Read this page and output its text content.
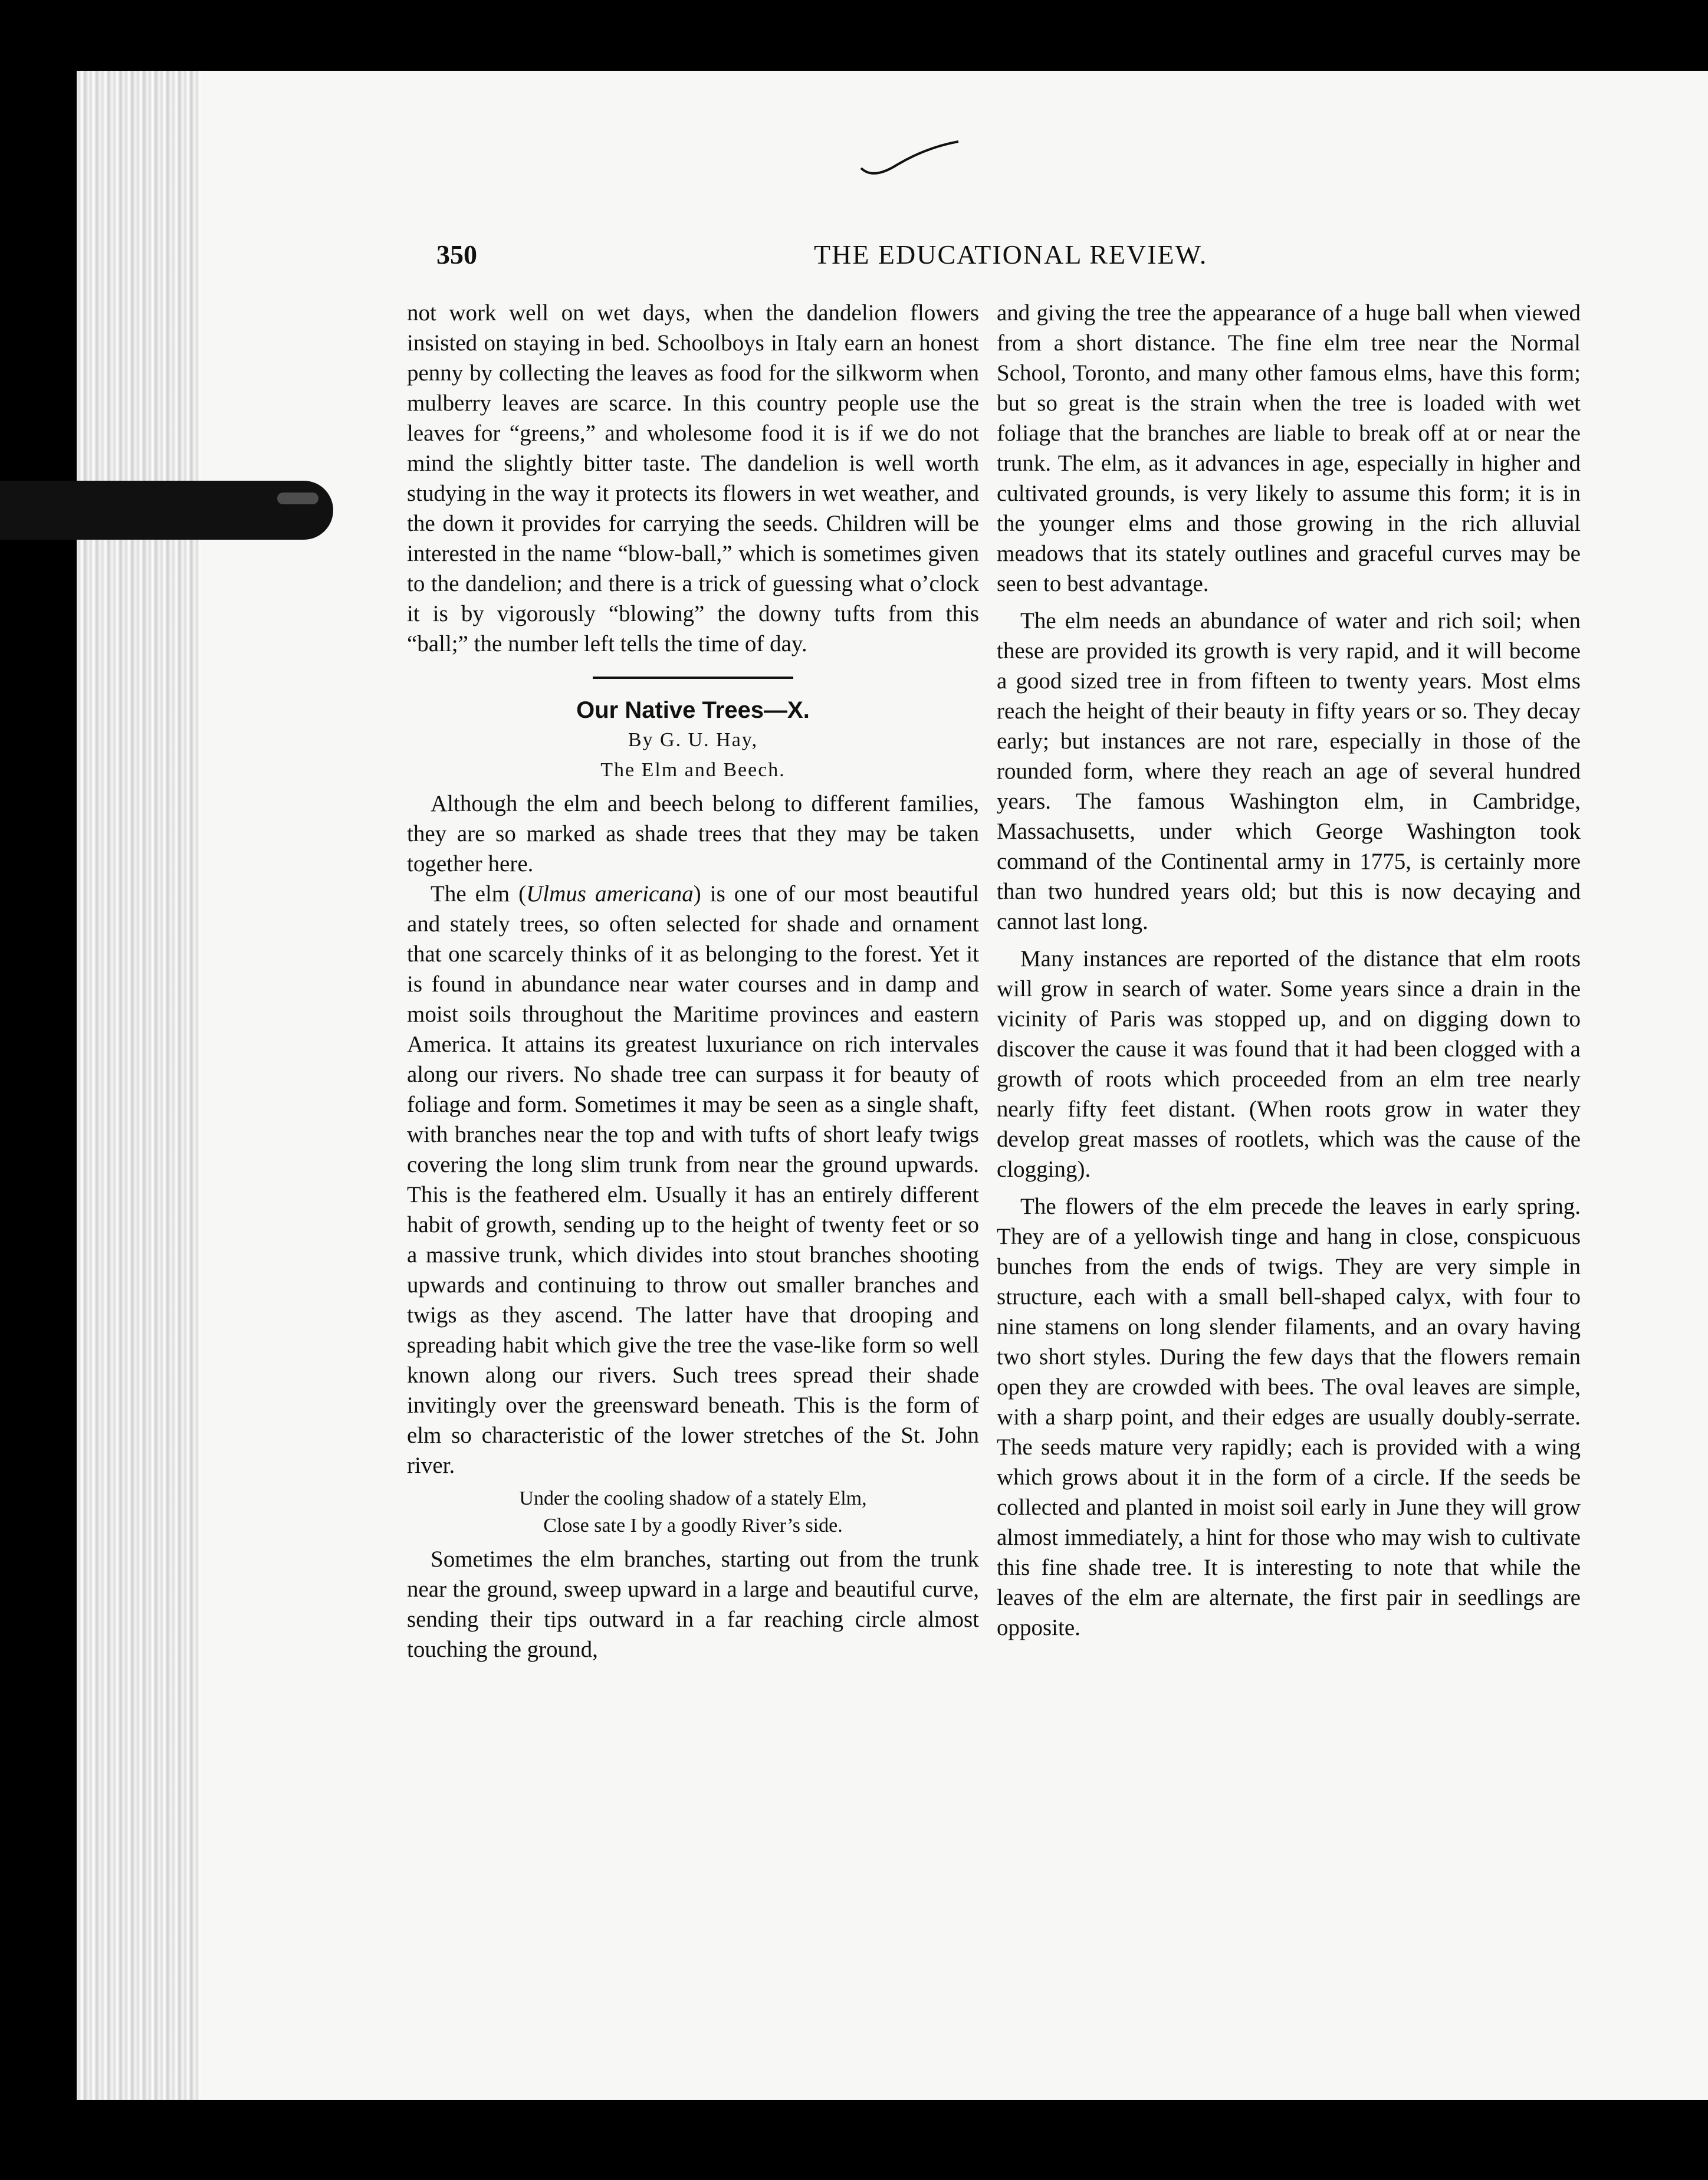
350	THE EDUCATIONAL REVIEW.

not work well on wet days, when the dandelion flowers insisted on staying in bed. Schoolboys in Italy earn an honest penny by collecting the leaves as food for the silkworm when mulberry leaves are scarce. In this country people use the leaves for “greens,” and wholesome food it is if we do not mind the slightly bitter taste. The dandelion is well worth studying in the way it protects its flowers in wet weather, and the down it provides for carrying the seeds. Children will be interested in the name “blow-ball,” which is sometimes given to the dandelion; and there is a trick of guessing what o’clock it is by vigorously “blowing” the downy tufts from this “ball;” the number left tells the time of day.

Our Native Trees—X.
By G. U. Hay,
The Elm and Beech.

Although the elm and beech belong to different families, they are so marked as shade trees that they may be taken together here.

The elm (Ulmus americana) is one of our most beautiful and stately trees, so often selected for shade and ornament that one scarcely thinks of it as belonging to the forest. Yet it is found in abundance near water courses and in damp and moist soils throughout the Maritime provinces and eastern America. It attains its greatest luxuriance on rich intervales along our rivers. No shade tree can surpass it for beauty of foliage and form. Sometimes it may be seen as a single shaft, with branches near the top and with tufts of short leafy twigs covering the long slim trunk from near the ground upwards. This is the feathered elm. Usually it has an entirely different habit of growth, sending up to the height of twenty feet or so a massive trunk, which divides into stout branches shooting upwards and continuing to throw out smaller branches and twigs as they ascend. The latter have that drooping and spreading habit which give the tree the vase-like form so well known along our rivers. Such trees spread their shade invitingly over the greensward beneath. This is the form of elm so characteristic of the lower stretches of the St. John river.

Under the cooling shadow of a stately Elm,
Close sate I by a goodly River’s side.

Sometimes the elm branches, starting out from the trunk near the ground, sweep upward in a large and beautiful curve, sending their tips outward in a far reaching circle almost touching the ground,

and giving the tree the appearance of a huge ball when viewed from a short distance. The fine elm tree near the Normal School, Toronto, and many other famous elms, have this form; but so great is the strain when the tree is loaded with wet foliage that the branches are liable to break off at or near the trunk. The elm, as it advances in age, especially in higher and cultivated grounds, is very likely to assume this form; it is in the younger elms and those growing in the rich alluvial meadows that its stately outlines and graceful curves may be seen to best advantage.

The elm needs an abundance of water and rich soil; when these are provided its growth is very rapid, and it will become a good sized tree in from fifteen to twenty years. Most elms reach the height of their beauty in fifty years or so. They decay early; but instances are not rare, especially in those of the rounded form, where they reach an age of several hundred years. The famous Washington elm, in Cambridge, Massachusetts, under which George Washington took command of the Continental army in 1775, is certainly more than two hundred years old; but this is now decaying and cannot last long.

Many instances are reported of the distance that elm roots will grow in search of water. Some years since a drain in the vicinity of Paris was stopped up, and on digging down to discover the cause it was found that it had been clogged with a growth of roots which proceeded from an elm tree nearly nearly fifty feet distant. (When roots grow in water they develop great masses of rootlets, which was the cause of the clogging).

The flowers of the elm precede the leaves in early spring. They are of a yellowish tinge and hang in close, conspicuous bunches from the ends of twigs. They are very simple in structure, each with a small bell-shaped calyx, with four to nine stamens on long slender filaments, and an ovary having two short styles. During the few days that the flowers remain open they are crowded with bees. The oval leaves are simple, with a sharp point, and their edges are usually doubly-serrate. The seeds mature very rapidly; each is provided with a wing which grows about it in the form of a circle. If the seeds be collected and planted in moist soil early in June they will grow almost immediately, a hint for those who may wish to cultivate this fine shade tree. It is interesting to note that while the leaves of the elm are alternate, the first pair in seedlings are opposite.
